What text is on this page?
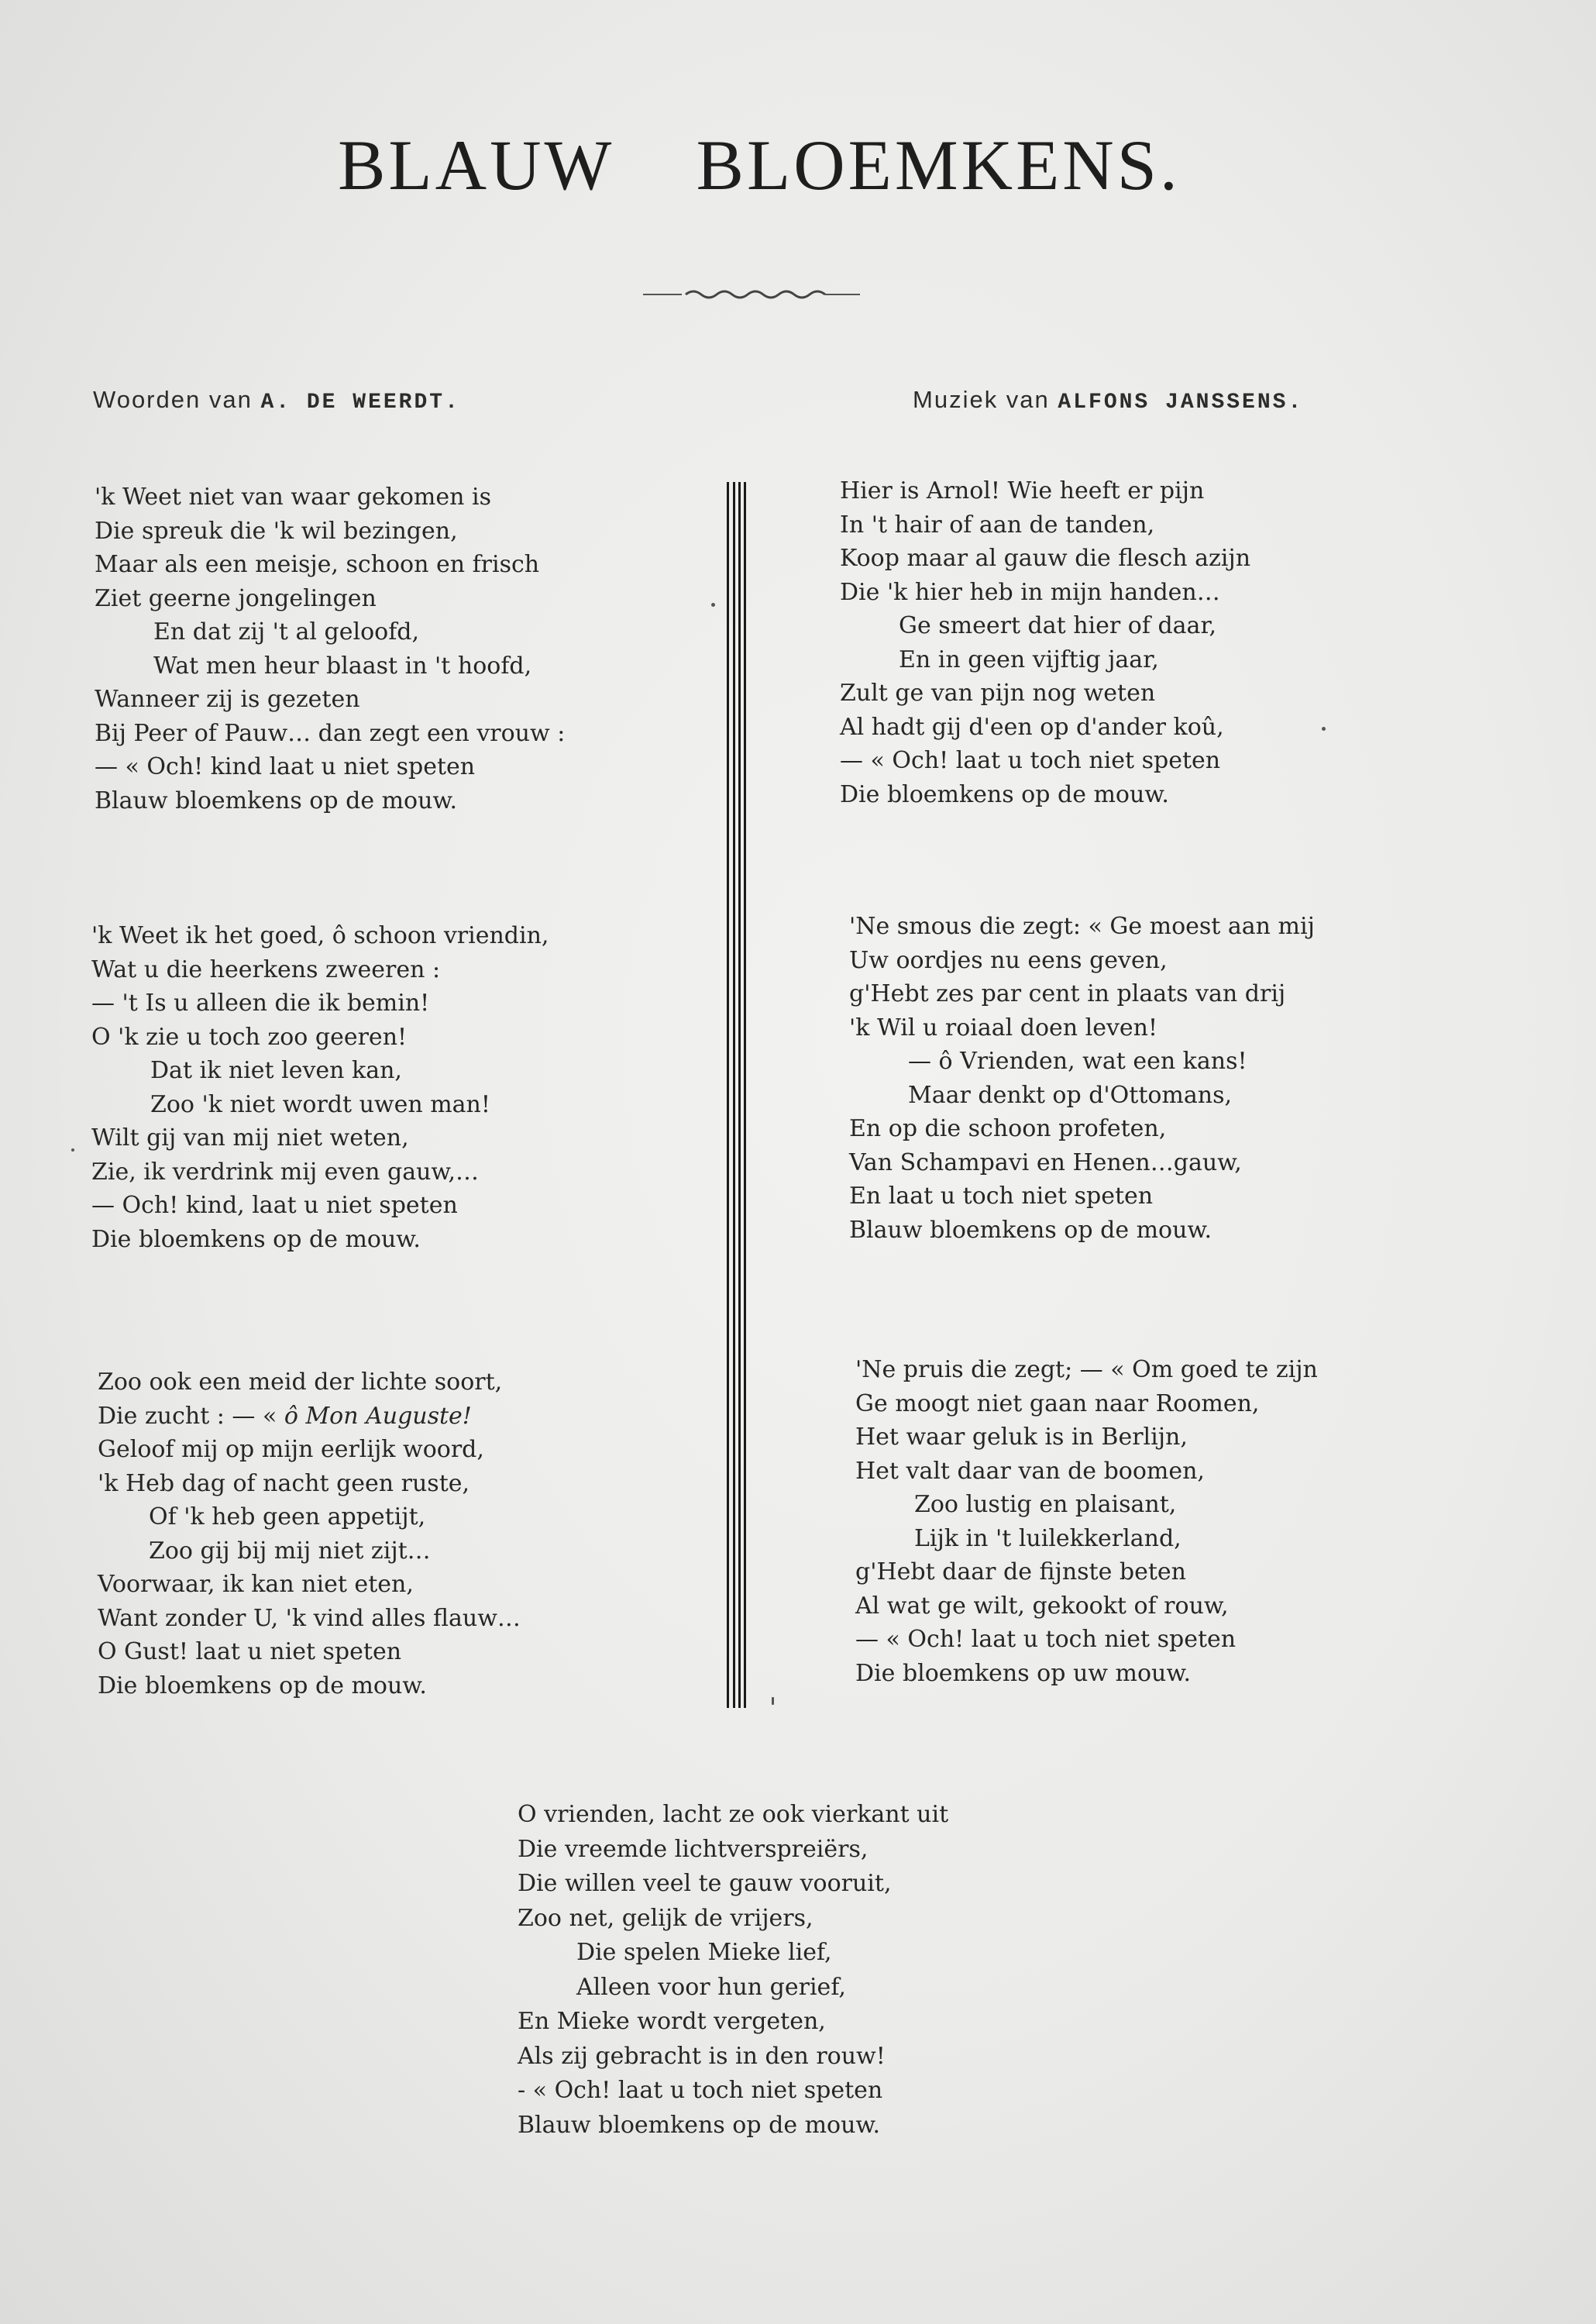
BLAUW BLOEMKENS.
Woorden van A. DE WEERDT.	Muziek van ALFONS JANSSENS.
'k Weet niet van waar gekomen is
Die spreuk die 'k wil bezingen,
Maar als een meisje, schoon en frisch
Ziet geerne jongelingen
En dat zij 't al geloofd,
Wat men heur blaast in 't hoofd,
Wanneer zij is gezeten
Bij Peer of Pauw… dan zegt een vrouw :
— « Och! kind laat u niet speten
Blauw bloemkens op de mouw.
Hier is Arnol! Wie heeft er pijn
In 't hair of aan de tanden,
Koop maar al gauw die flesch azijn
Die 'k hier heb in mijn handen…
Ge smeert dat hier of daar,
En in geen vijftig jaar,
Zult ge van pijn nog weten
Al hadt gij d'een op d'ander koû,
— « Och! laat u toch niet speten
Die bloemkens op de mouw.
'k Weet ik het goed, ô schoon vriendin,
Wat u die heerkens zweeren :
— 't Is u alleen die ik bemin!
O 'k zie u toch zoo geeren!
Dat ik niet leven kan,
Zoo 'k niet wordt uwen man!
Wilt gij van mij niet weten,
Zie, ik verdrink mij even gauw,…
— Och! kind, laat u niet speten
Die bloemkens op de mouw.
'Ne smous die zegt: « Ge moest aan mij
Uw oordjes nu eens geven,
g'Hebt zes par cent in plaats van drij
'k Wil u roiaal doen leven!
— ô Vrienden, wat een kans!
Maar denkt op d'Ottomans,
En op die schoon profeten,
Van Schampavi en Henen…gauw,
En laat u toch niet speten
Blauw bloemkens op de mouw.
Zoo ook een meid der lichte soort,
Die zucht : — « ô Mon Auguste!
Geloof mij op mijn eerlijk woord,
'k Heb dag of nacht geen ruste,
Of 'k heb geen appetijt,
Zoo gij bij mij niet zijt…
Voorwaar, ik kan niet eten,
Want zonder U, 'k vind alles flauw…
O Gust! laat u niet speten
Die bloemkens op de mouw.
'Ne pruis die zegt; — « Om goed te zijn
Ge moogt niet gaan naar Roomen,
Het waar geluk is in Berlijn,
Het valt daar van de boomen,
Zoo lustig en plaisant,
Lijk in 't luilekkerland,
g'Hebt daar de fijnste beten
Al wat ge wilt, gekookt of rouw,
— « Och! laat u toch niet speten
Die bloemkens op uw mouw.
O vrienden, lacht ze ook vierkant uit
Die vreemde lichtverspreiërs,
Die willen veel te gauw vooruit,
Zoo net, gelijk de vrijers,
Die spelen Mieke lief,
Alleen voor hun gerief,
En Mieke wordt vergeten,
Als zij gebracht is in den rouw!
- « Och! laat u toch niet speten
Blauw bloemkens op de mouw.
